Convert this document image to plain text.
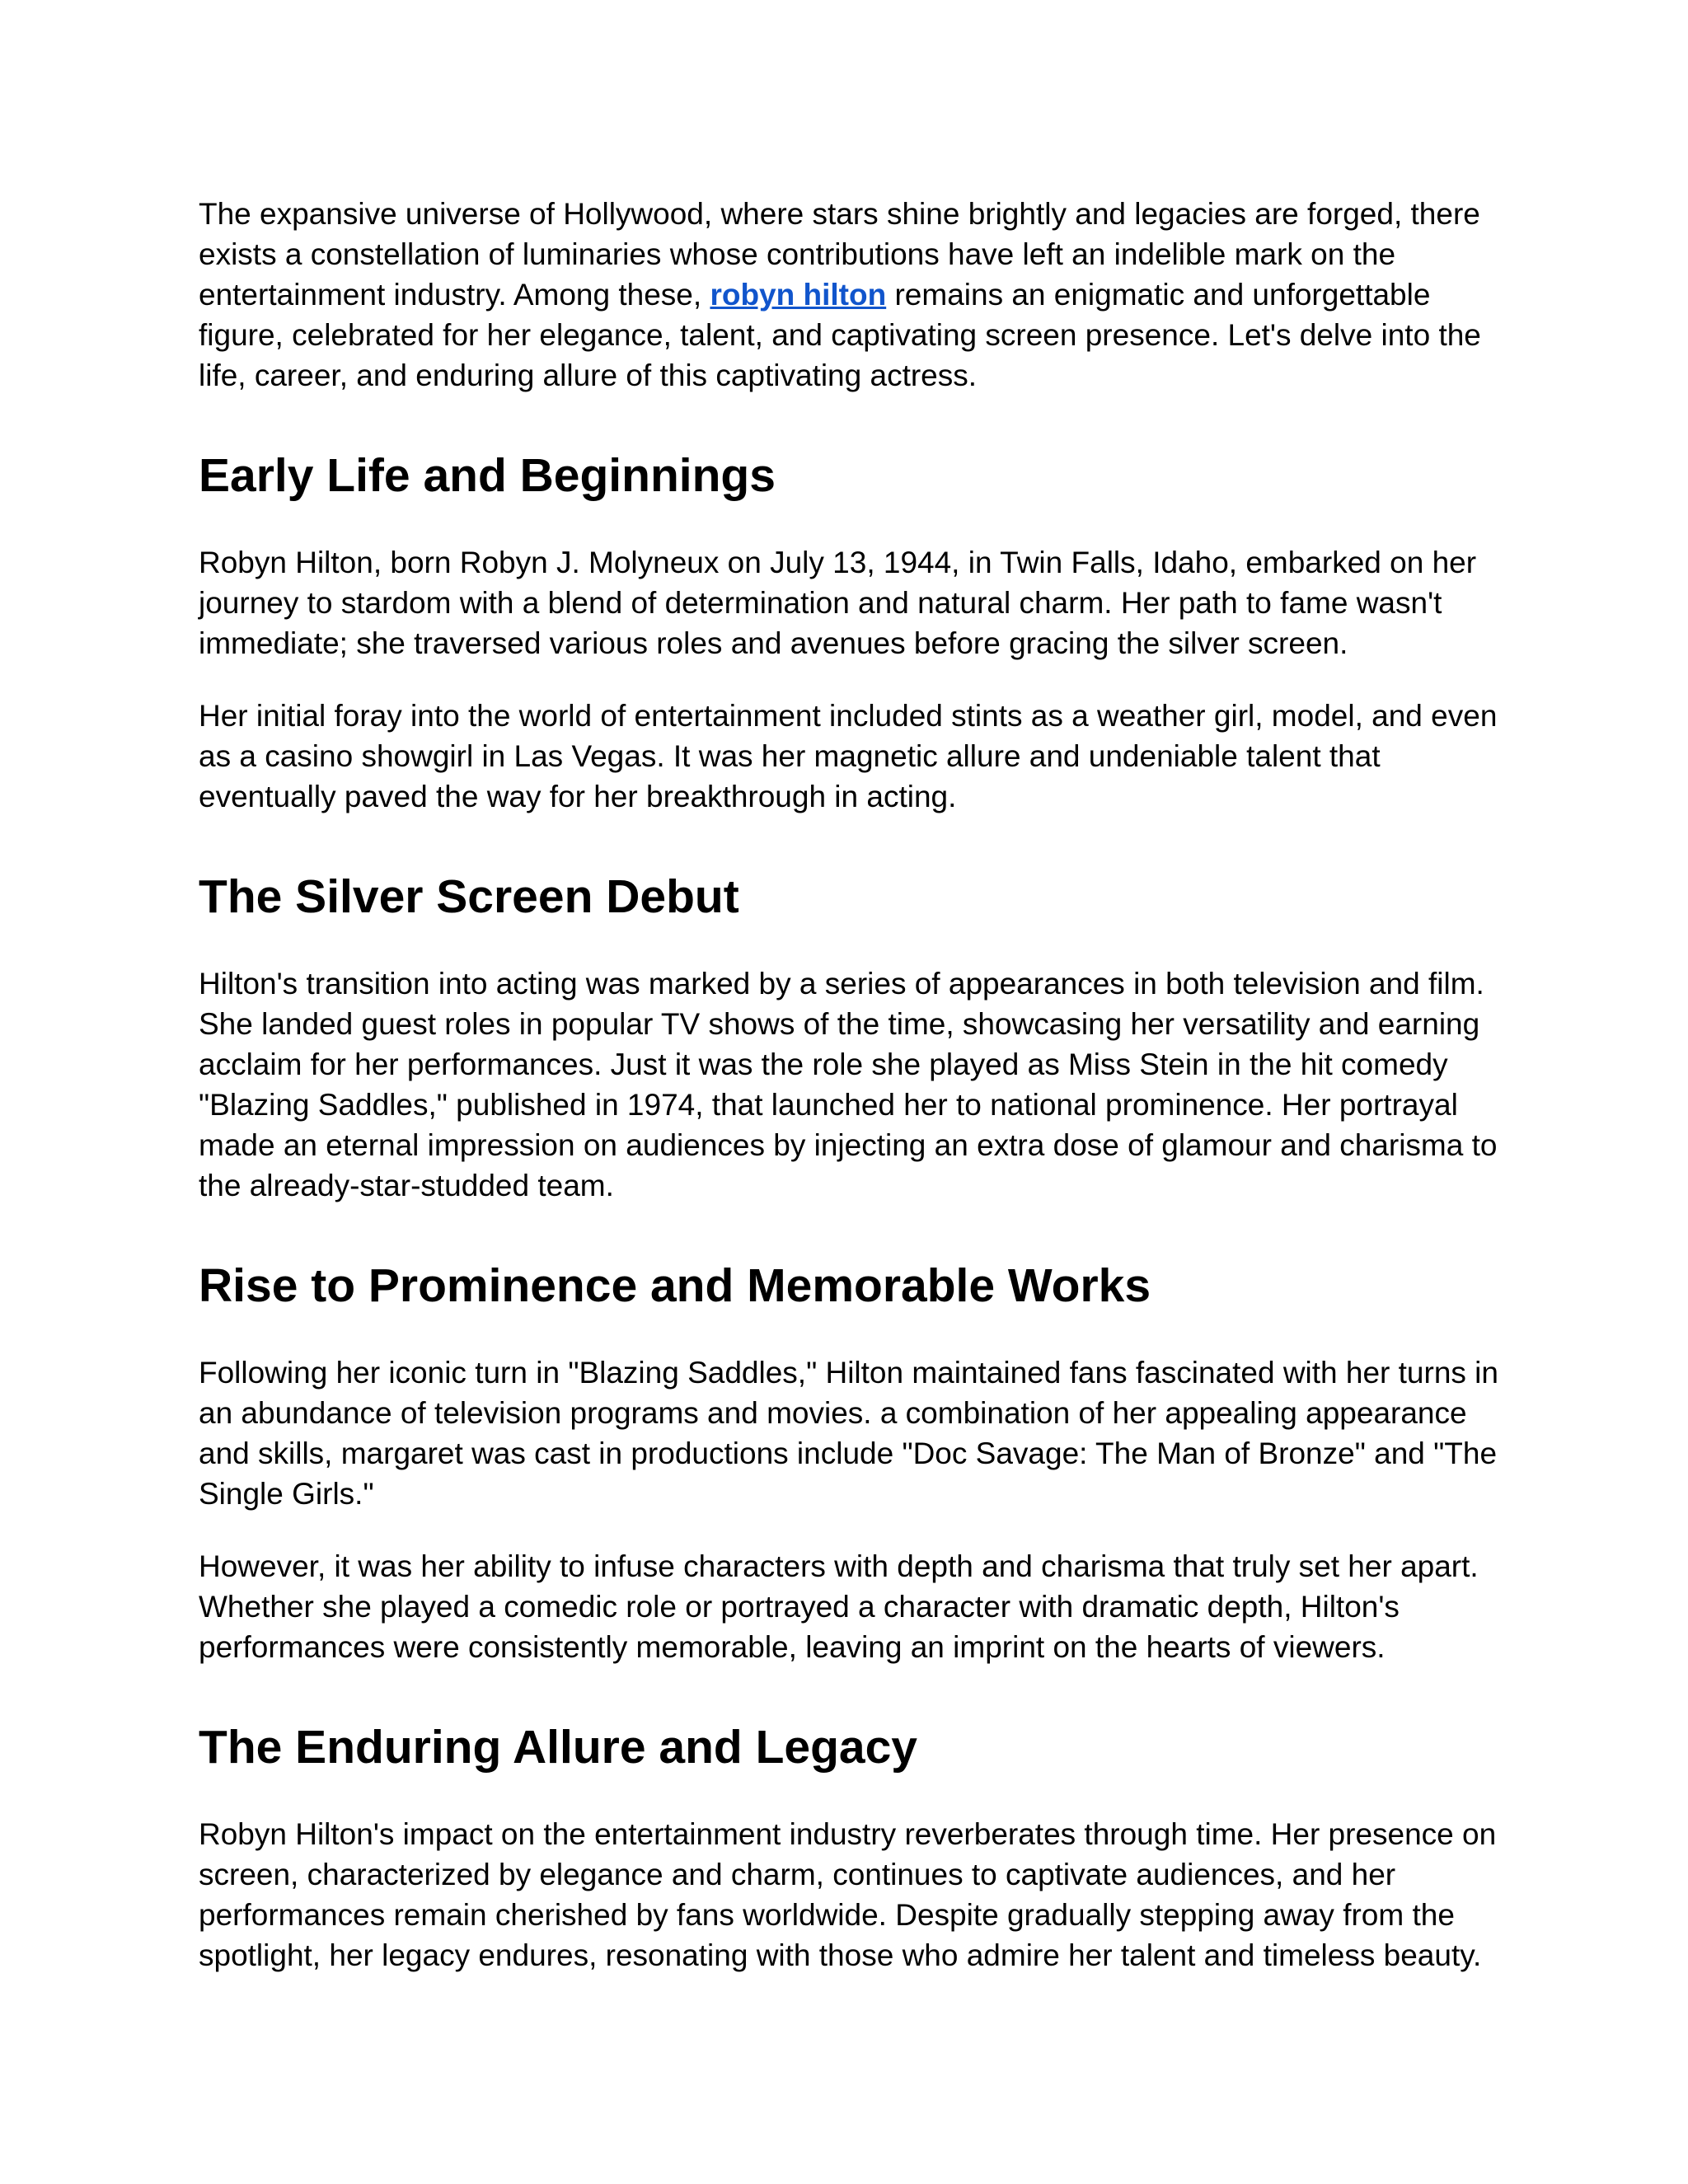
The expansive universe of Hollywood, where stars shine brightly and legacies are forged, there exists a constellation of luminaries whose contributions have left an indelible mark on the entertainment industry. Among these, robyn hilton remains an enigmatic and unforgettable figure, celebrated for her elegance, talent, and captivating screen presence. Let's delve into the life, career, and enduring allure of this captivating actress.

Early Life and Beginnings

Robyn Hilton, born Robyn J. Molyneux on July 13, 1944, in Twin Falls, Idaho, embarked on her journey to stardom with a blend of determination and natural charm. Her path to fame wasn't immediate; she traversed various roles and avenues before gracing the silver screen.

Her initial foray into the world of entertainment included stints as a weather girl, model, and even as a casino showgirl in Las Vegas. It was her magnetic allure and undeniable talent that eventually paved the way for her breakthrough in acting.

The Silver Screen Debut

Hilton's transition into acting was marked by a series of appearances in both television and film. She landed guest roles in popular TV shows of the time, showcasing her versatility and earning acclaim for her performances. Just it was the role she played as Miss Stein in the hit comedy "Blazing Saddles," published in 1974, that launched her to national prominence. Her portrayal made an eternal impression on audiences by injecting an extra dose of glamour and charisma to the already-star-studded team.

Rise to Prominence and Memorable Works

Following her iconic turn in "Blazing Saddles," Hilton maintained fans fascinated with her turns in an abundance of television programs and movies. a combination of her appealing appearance and skills, margaret was cast in productions include "Doc Savage: The Man of Bronze" and "The Single Girls."

However, it was her ability to infuse characters with depth and charisma that truly set her apart. Whether she played a comedic role or portrayed a character with dramatic depth, Hilton's performances were consistently memorable, leaving an imprint on the hearts of viewers.

The Enduring Allure and Legacy

Robyn Hilton's impact on the entertainment industry reverberates through time. Her presence on screen, characterized by elegance and charm, continues to captivate audiences, and her performances remain cherished by fans worldwide. Despite gradually stepping away from the spotlight, her legacy endures, resonating with those who admire her talent and timeless beauty.
